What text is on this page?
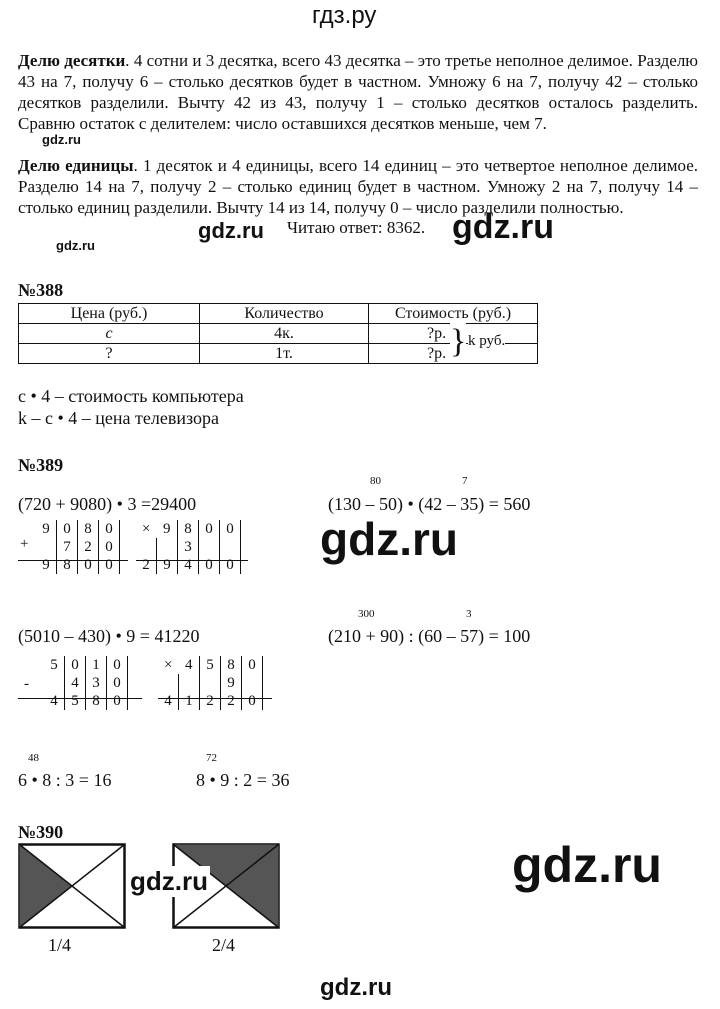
гдз.ру
Делю десятки. 4 сотни и 3 десятка, всего 43 десятка – это третье неполное делимое. Разделю 43 на 7, получу 6 – столько десятков будет в частном. Умножу 6 на 7, получу 42 – столько десятков разделили. Вычту 42 из 43, получу 1 – столько десятков осталось разделить. Сравню остаток с делителем: число оставшихся десятков меньше, чем 7.
Делю единицы. 1 десяток и 4 единицы, всего 14 единиц – это четвертое неполное делимое. Разделю 14 на 7, получу 2 – столько единиц будет в частном. Умножу 2 на 7, получу 14 – столько единиц разделили. Вычту 14 из 14, получу 0 – число разделили полностью.
Читаю ответ: 8362.
gdz.ru
gdz.ru
gdz.ru	gdz.ru
№388
Цена (руб.)	Количество	Стоимость (руб.)
c	4к.	?р.
?	1т.	?р. } k руб.
c • 4 – стоимость компьютера
k – c • 4 – цена телевизора
№389
(720 + 9080) • 3 =29400
80	7
(130 – 50) • (42 – 35) = 560
+
9	0	8	0
	7	2	0
9	8	0	0
×	9	8	0	0
		3		
2	9	4	0	0 gdz.ru
(5010 – 430) • 9 = 41220
300	3
(210 + 90) : (60 – 57) = 100
-
5	0	1	0
	4	3	0
4	5	8	0
×	4	5	8	0
			9	
4	1	2	2	0
48
6 • 8 : 3 = 16
72
8 • 9 : 2 = 36
№390
gdz.ru
1/4	2/4
gdz.ru
gdz.ru
